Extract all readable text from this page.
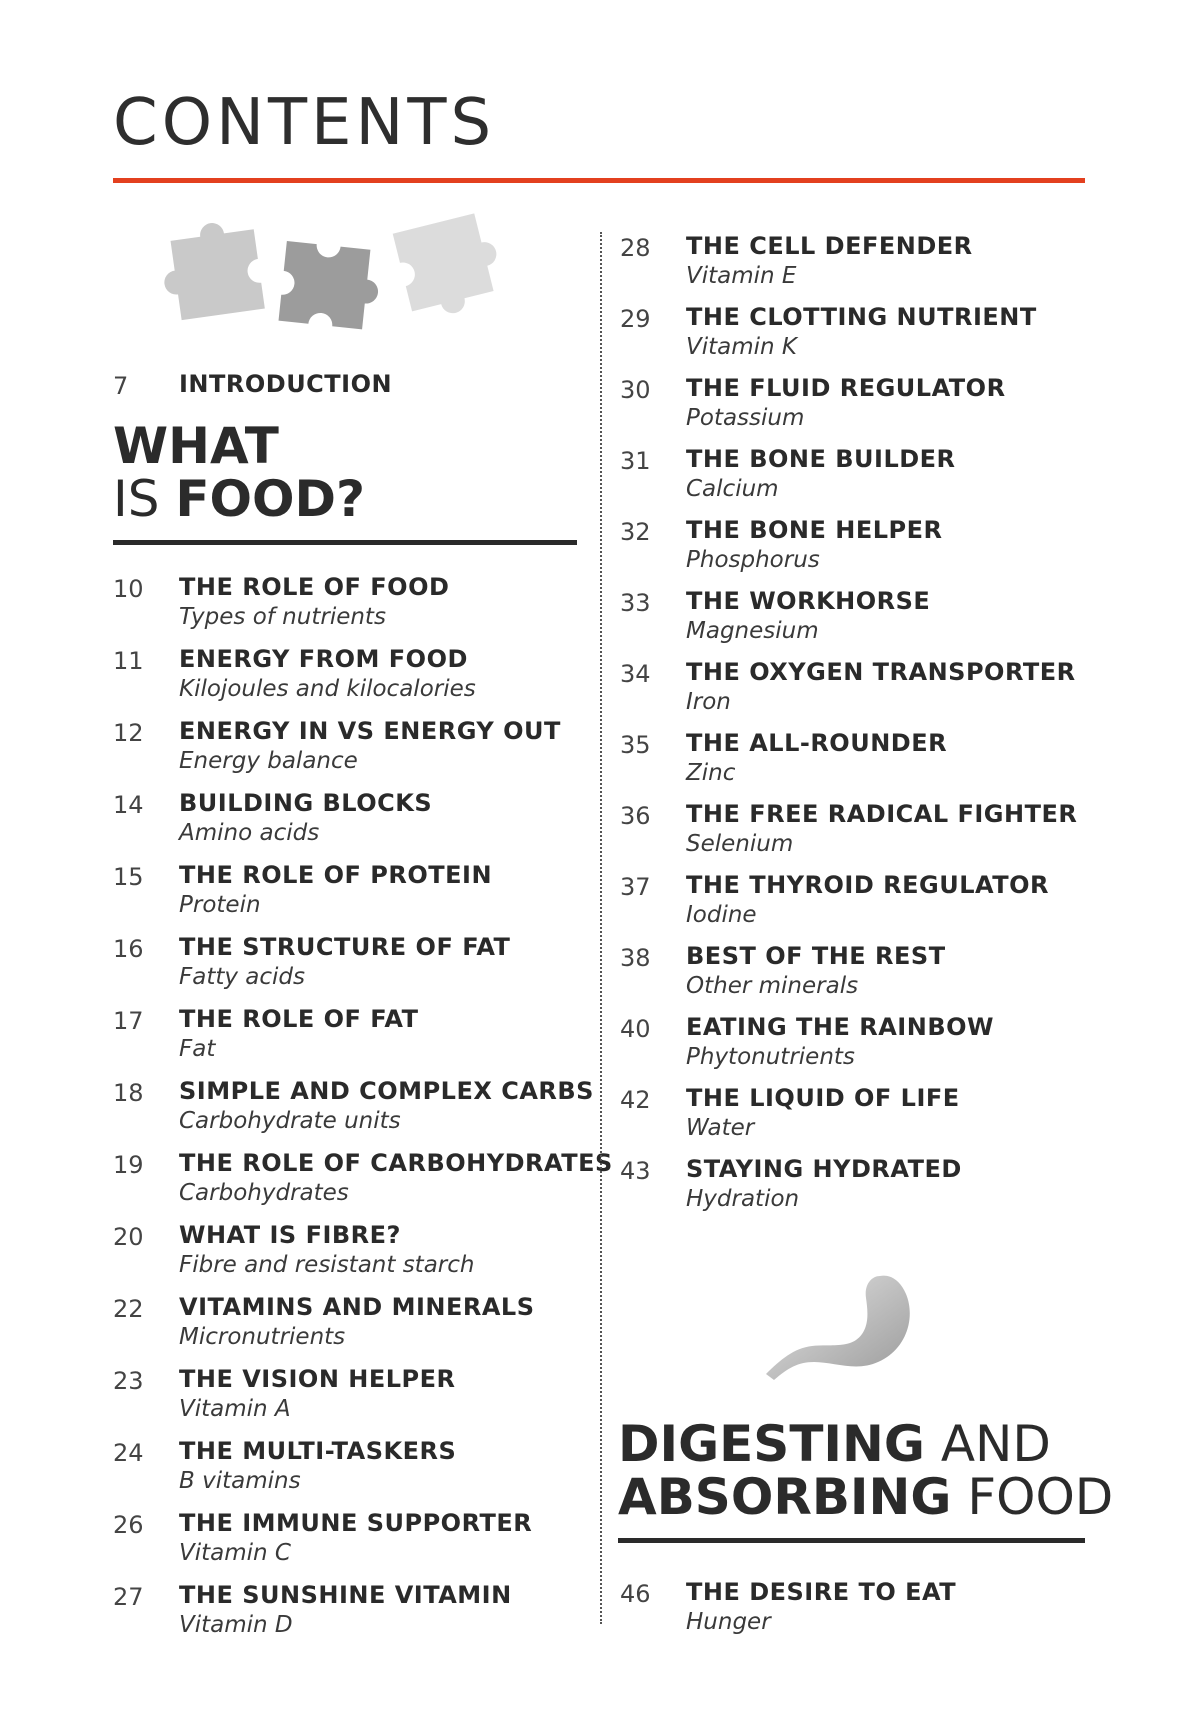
CONTENTS
7	INTRODUCTION
WHAT
IS FOOD?
10	THE ROLE OF FOOD
Types of nutrients
11	ENERGY FROM FOOD
Kilojoules and kilocalories
12	ENERGY IN VS ENERGY OUT
Energy balance
14	BUILDING BLOCKS
Amino acids
15	THE ROLE OF PROTEIN
Protein
16	THE STRUCTURE OF FAT
Fatty acids
17	THE ROLE OF FAT
Fat
18	SIMPLE AND COMPLEX CARBS
Carbohydrate units
19	THE ROLE OF CARBOHYDRATES
Carbohydrates
20	WHAT IS FIBRE?
Fibre and resistant starch
22	VITAMINS AND MINERALS
Micronutrients
23	THE VISION HELPER
Vitamin A
24	THE MULTI-TASKERS
B vitamins
26	THE IMMUNE SUPPORTER
Vitamin C
27	THE SUNSHINE VITAMIN
Vitamin D
28	THE CELL DEFENDER
Vitamin E
29	THE CLOTTING NUTRIENT
Vitamin K
30	THE FLUID REGULATOR
Potassium
31	THE BONE BUILDER
Calcium
32	THE BONE HELPER
Phosphorus
33	THE WORKHORSE
Magnesium
34	THE OXYGEN TRANSPORTER
Iron
35	THE ALL-ROUNDER
Zinc
36	THE FREE RADICAL FIGHTER
Selenium
37	THE THYROID REGULATOR
Iodine
38	BEST OF THE REST
Other minerals
40	EATING THE RAINBOW
Phytonutrients
42	THE LIQUID OF LIFE
Water
43	STAYING HYDRATED
Hydration
DIGESTING AND
ABSORBING FOOD
46	THE DESIRE TO EAT
Hunger
